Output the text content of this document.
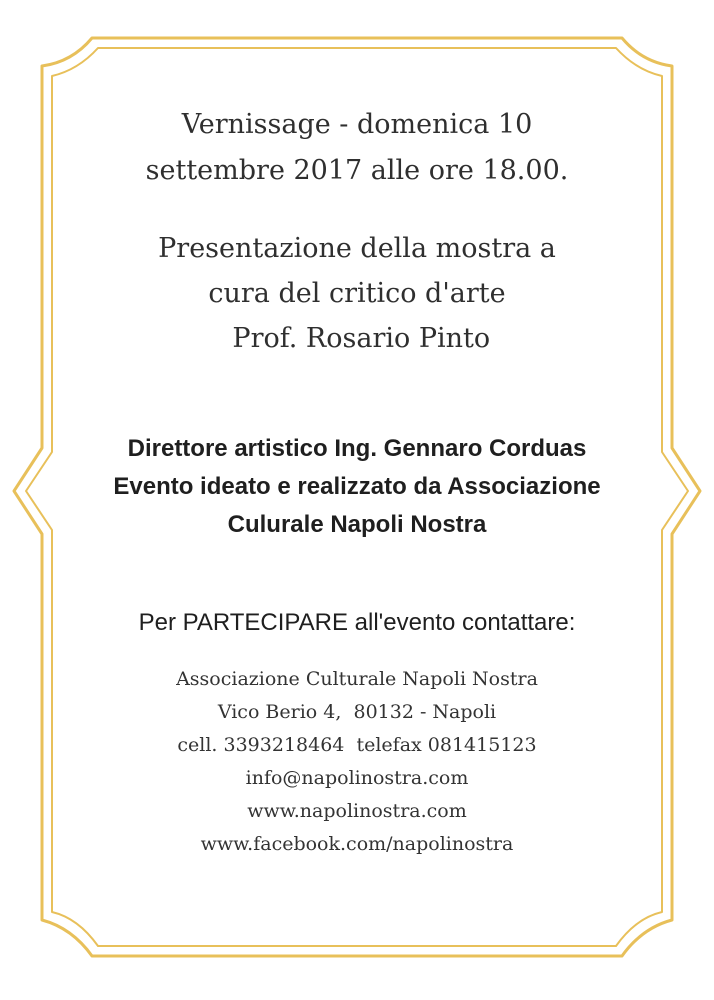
Vernissage - domenica 10
settembre 2017 alle ore 18.00.
Presentazione della mostra a
cura del critico d'arte
Prof. Rosario Pinto
Direttore artistico Ing. Gennaro Corduas
Evento ideato e realizzato da Associazione
Culurale Napoli Nostra
Per PARTECIPARE all'evento contattare:
Associazione Culturale Napoli Nostra
Vico Berio 4,  80132 - Napoli
cell. 3393218464  telefax 081415123
info@napolinostra.com
www.napolinostra.com
www.facebook.com/napolinostra
